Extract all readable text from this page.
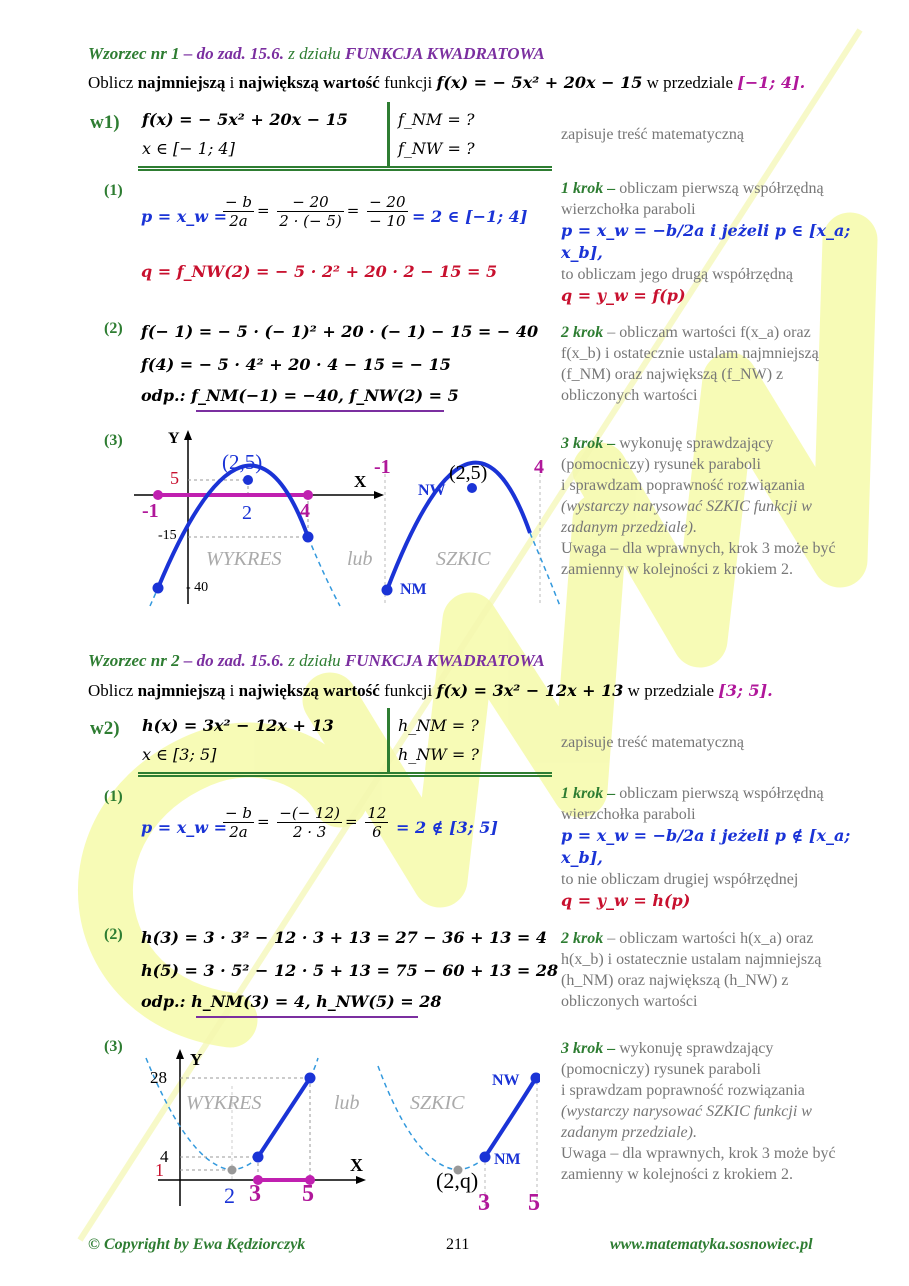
Wzorzec nr 1 – do zad. 15.6. z działu FUNKCJA KWADRATOWA
Oblicz najmniejszą i największą wartość funkcji f(x) = − 5x² + 20x − 15 w przedziale [−1; 4].
w1) f(x) = − 5x² + 20x − 15
x ∈ [− 1; 4]
f_NM = ?
f_NW = ?
zapisuje treść matematyczną
(1)
p = x_w =
$\frac{- b}{2a} = \frac{- 20}{2 \cdot (- 5)} = \frac{- 20}{- 10} = 2$ ∈ [−1; 4]
q = f_NW(2) = − 5 · 2² + 20 · 2 − 15 = 5
1 krok – obliczam pierwszą współrzędną wierzchołka paraboli
p = x_w = −b/2a i jeżeli p ∈ [x_a; x_b],
to obliczam jego drugą współrzędną
q = y_w = f(p)
(2) f(− 1) = − 5 · (− 1)² + 20 · (− 1) − 15 = − 40
f(4) = − 5 · 4² + 20 · 4 − 15 = − 15
odp.: f_NM(−1) = −40, f_NW(2) = 5
2 krok – obliczam wartości f(x_a) oraz f(x_b) i ostatecznie ustalam najmniejszą (f_NM) oraz największą (f_NW) z obliczonych wartości
(3)	Y
X
(2,5)
5
-15
- 40
-1	2 4
WYKRES	lub	SZKIC
-1	(2,5) 4
NW
NM
3 krok – wykonuję sprawdzający (pomocniczy) rysunek paraboli
i sprawdzam poprawność rozwiązania
(wystarczy narysować SZKIC funkcji w zadanym przedziale).
Uwaga – dla wprawnych, krok 3 może być zamienny w kolejności z krokiem 2.
Wzorzec nr 2 – do zad. 15.6. z działu FUNKCJA KWADRATOWA
Oblicz najmniejszą i największą wartość funkcji f(x) = 3x² − 12x + 13 w przedziale [3; 5].
w2) h(x) = 3x² − 12x + 13
x ∈ [3; 5]
h_NM = ?
h_NW = ?
zapisuje treść matematyczną
(1)
p = x_w =
$\frac{- b}{2a} = \frac{-(- 12)}{2 \cdot 3} = \frac{12}{6} = 2$ ∉ [3; 5]
1 krok – obliczam pierwszą współrzędną wierzchołka paraboli
p = x_w = −b/2a i jeżeli p ∉ [x_a; x_b],
to nie obliczam drugiej współrzędnej
q = y_w = h(p)
(2) h(3) = 3 · 3² − 12 · 3 + 13 = 27 − 36 + 13 = 4
h(5) = 3 · 5² − 12 · 5 + 13 = 75 − 60 + 13 = 28
odp.: h_NM(3) = 4, h_NW(5) = 28
2 krok – obliczam wartości h(x_a) oraz h(x_b) i ostatecznie ustalam najmniejszą (h_NM) oraz największą (h_NW) z obliczonych wartości
(3)
Y
X
28
4
1
2 3 5
WYKRES	lub	SZKIC
NW
NM
(2,q)
3 5
3 krok – wykonuję sprawdzający (pomocniczy) rysunek paraboli
i sprawdzam poprawność rozwiązania
(wystarczy narysować SZKIC funkcji w zadanym przedziale).
Uwaga – dla wprawnych, krok 3 może być zamienny w kolejności z krokiem 2.
© Copyright by Ewa Kędziorczyk	211	www.matematyka.sosnowiec.pl
